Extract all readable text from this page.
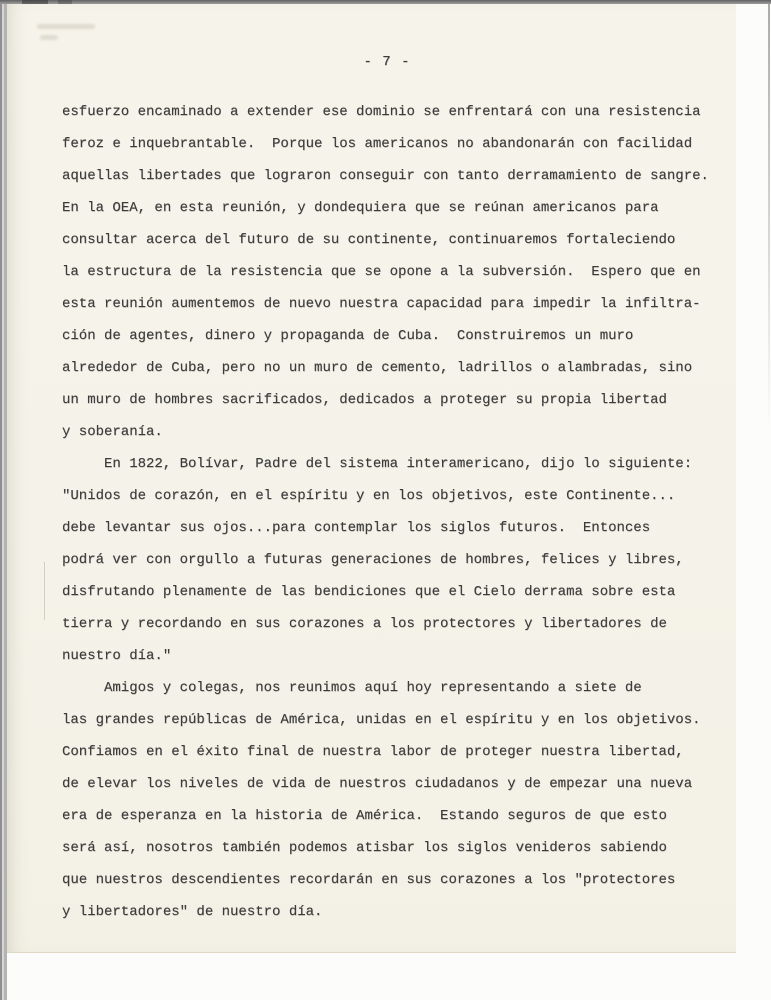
- 7 -
esfuerzo encaminado a extender ese dominio se enfrentará con una resistencia
feroz e inquebrantable.  Porque los americanos no abandonarán con facilidad
aquellas libertades que lograron conseguir con tanto derramamiento de sangre.
En la OEA, en esta reunión, y dondequiera que se reúnan americanos para
consultar acerca del futuro de su continente, continuaremos fortaleciendo
la estructura de la resistencia que se opone a la subversión.  Espero que en
esta reunión aumentemos de nuevo nuestra capacidad para impedir la infiltra-
ción de agentes, dinero y propaganda de Cuba.  Construiremos un muro
alrededor de Cuba, pero no un muro de cemento, ladrillos o alambradas, sino
un muro de hombres sacrificados, dedicados a proteger su propia libertad
y soberanía.
En 1822, Bolívar, Padre del sistema interamericano, dijo lo siguiente:
"Unidos de corazón, en el espíritu y en los objetivos, este Continente...
debe levantar sus ojos...para contemplar los siglos futuros.  Entonces
podrá ver con orgullo a futuras generaciones de hombres, felices y libres,
disfrutando plenamente de las bendiciones que el Cielo derrama sobre esta
tierra y recordando en sus corazones a los protectores y libertadores de
nuestro día."
Amigos y colegas, nos reunimos aquí hoy representando a siete de
las grandes repúblicas de América, unidas en el espíritu y en los objetivos.
Confiamos en el éxito final de nuestra labor de proteger nuestra libertad,
de elevar los niveles de vida de nuestros ciudadanos y de empezar una nueva
era de esperanza en la historia de América.  Estando seguros de que esto
será así, nosotros también podemos atisbar los siglos venideros sabiendo
que nuestros descendientes recordarán en sus corazones a los "protectores
y libertadores" de nuestro día.
